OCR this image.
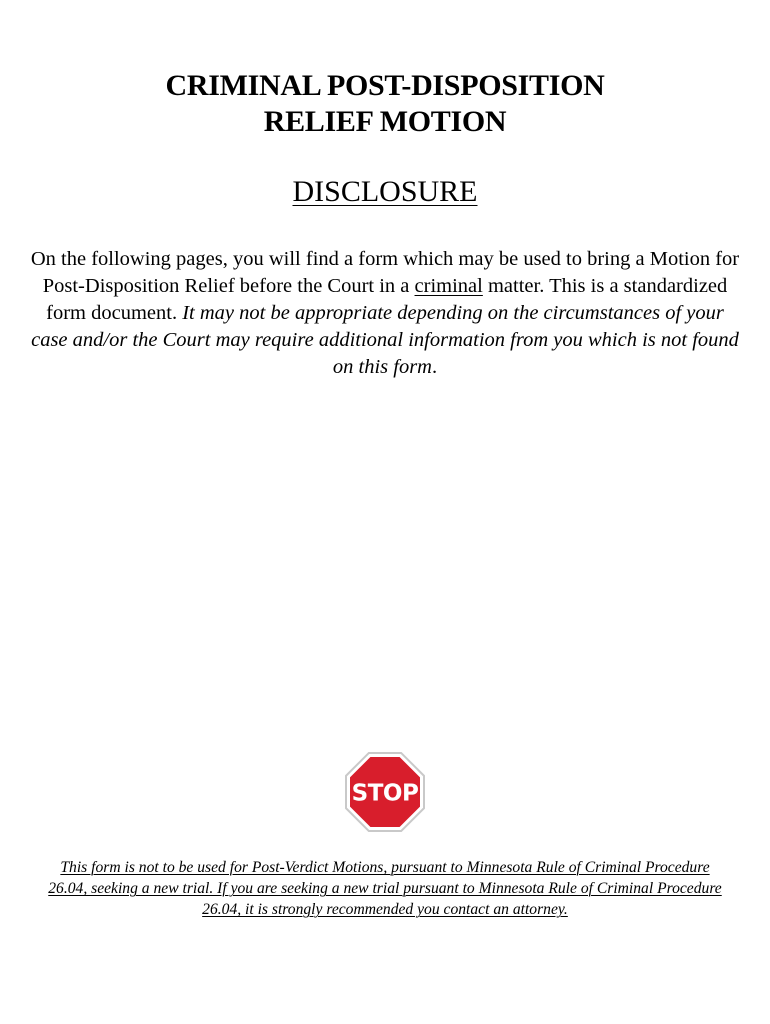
CRIMINAL POST-DISPOSITION
RELIEF MOTION
DISCLOSURE
On the following pages, you will find a form which may be used to bring a Motion for Post-Disposition Relief before the Court in a criminal matter. This is a standardized form document. It may not be appropriate depending on the circumstances of your case and/or the Court may require additional information from you which is not found on this form.
STOP
This form is not to be used for Post-Verdict Motions, pursuant to Minnesota Rule of Criminal Procedure 26.04, seeking a new trial. If you are seeking a new trial pursuant to Minnesota Rule of Criminal Procedure 26.04, it is strongly recommended you contact an attorney.
